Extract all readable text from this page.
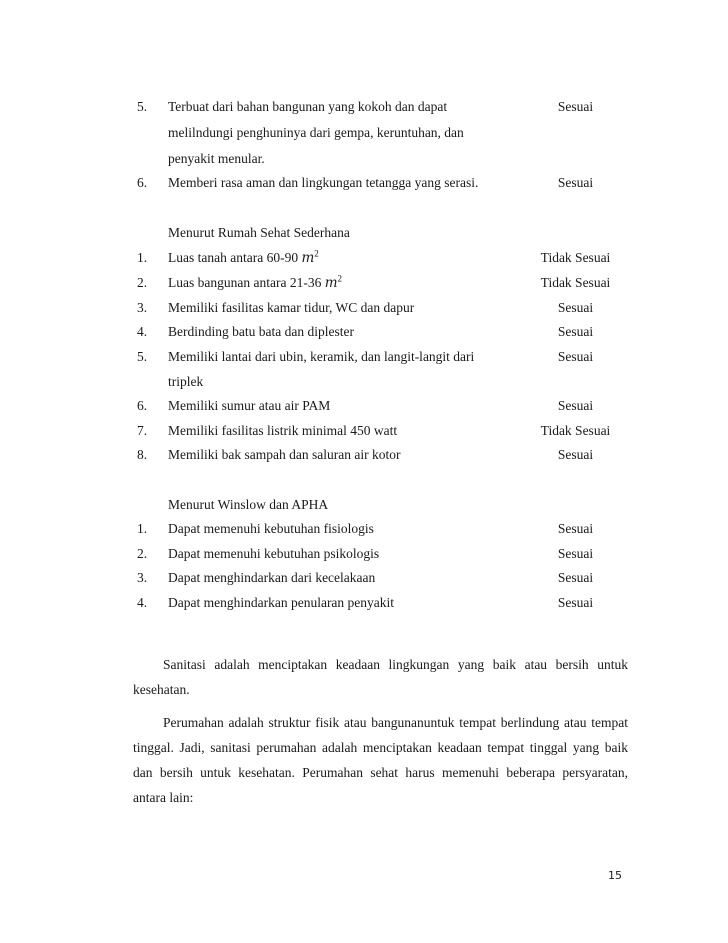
5. Terbuat dari bahan bangunan yang kokoh dan dapat	Sesuai
melilndungi penghuninya dari gempa, keruntuhan, dan
penyakit menular.
6. Memberi rasa aman dan lingkungan tetangga yang serasi.	Sesuai
Menurut Rumah Sehat Sederhana
1. Luas tanah antara 60-90 $m^2$	Tidak Sesuai
2. Luas bangunan antara 21-36 $m^2$	Tidak Sesuai
3. Memiliki fasilitas kamar tidur, WC dan dapur	Sesuai
4. Berdinding batu bata dan diplester	Sesuai
5. Memiliki lantai dari ubin, keramik, dan langit-langit dari	Sesuai
triplek
6. Memiliki sumur atau air PAM	Sesuai
7. Memiliki fasilitas listrik minimal 450 watt	Tidak Sesuai
8. Memiliki bak sampah dan saluran air kotor	Sesuai
Menurut Winslow dan APHA
1. Dapat memenuhi kebutuhan fisiologis	Sesuai
2. Dapat memenuhi kebutuhan psikologis	Sesuai
3. Dapat menghindarkan dari kecelakaan	Sesuai
4. Dapat menghindarkan penularan penyakit	Sesuai

Sanitasi adalah menciptakan keadaan lingkungan yang baik atau bersih untuk kesehatan.

Perumahan adalah struktur fisik atau bangunanuntuk tempat berlindung atau tempat tinggal. Jadi, sanitasi perumahan adalah menciptakan keadaan tempat tinggal yang baik dan bersih untuk kesehatan. Perumahan sehat harus memenuhi beberapa persyaratan, antara lain:

15
